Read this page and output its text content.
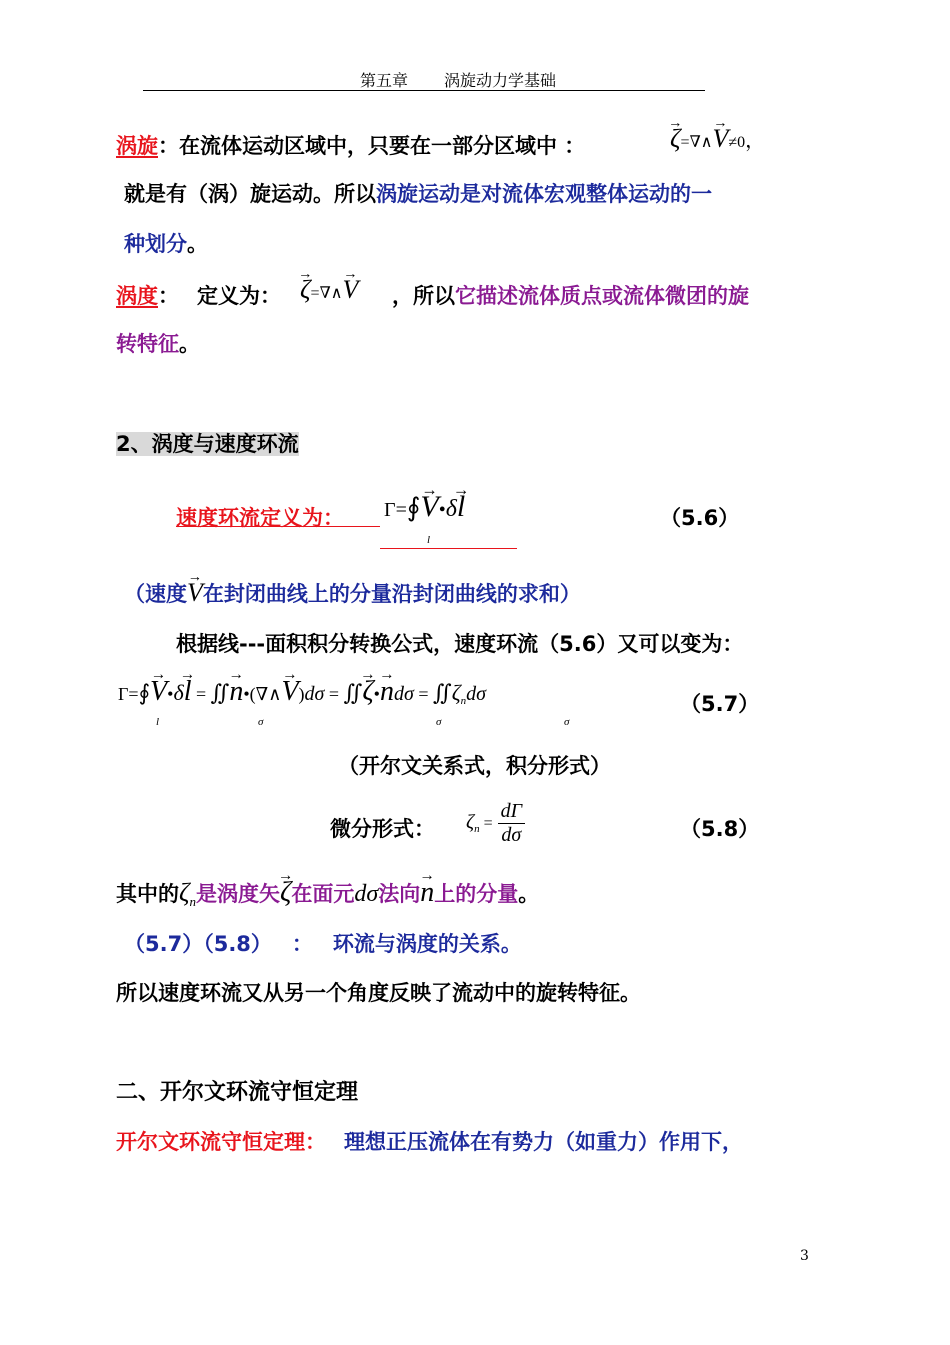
第五章 涡旋动力学基础
涡旋：在流体运动区域中，只要在一部分区域中 ：	→ ζ=∇∧→ V≠0，
就是有（涡）旋运动。所以涡旋运动是对流体宏观整体运动的一
种划分。
涡度： 定义为： → ζ=∇∧→ V ，所以它描述流体质点或流体微团的旋
转特征。
2、涡度与速度环流
速度环流定义为： Γ=∮→ V•δ→ l
l
（5.6）
（速度→ V在封闭曲线上的分量沿封闭曲线的求和）
根据线---面积积分转换公式，速度环流（5.6）又可以变为：
Γ=∮→ V•δ→ l = ∬→ n•(∇∧→ V)dσ = ∬→ ζ•→ ndσ = ∬ζndσ
l	σ	σ	σ
（5.7）
（开尔文关系式，积分形式）
微分形式： $\zeta n = \frac{d\Gamma}{d\sigma}$	（5.8）
其中的$\zeta_n$是涡度矢→ ζ在面元dσ法向→ n上的分量。
（5.7）（5.8） ： 环流与涡度的关系。
所以速度环流又从另一个角度反映了流动中的旋转特征。
二、开尔文环流守恒定理
开尔文环流守恒定理： 理想正压流体在有势力（如重力）作用下，
3
